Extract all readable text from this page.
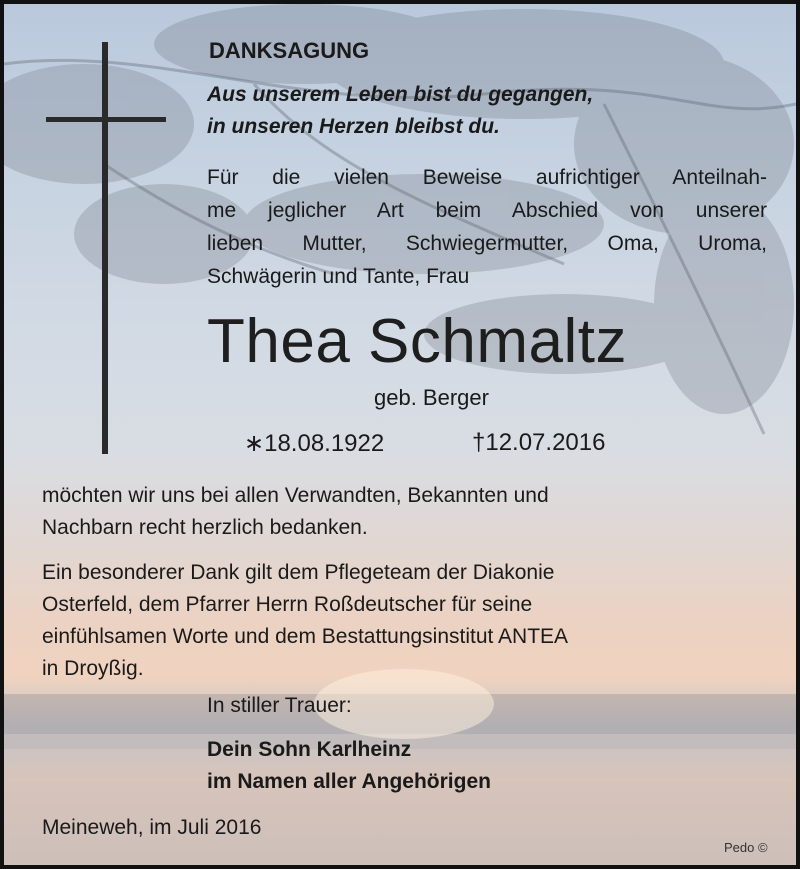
DANKSAGUNG

Aus unserem Leben bist du gegangen,

in unseren Herzen bleibst du.

Für die vielen Beweise aufrichtiger Anteilnah-
me jeglicher Art beim Abschied von unserer
lieben Mutter, Schwiegermutter, Oma, Uroma,
Schwägerin und Tante, Frau

Thea Schmaltz

geb. Berger

∗18.08.1922	†12.07.2016

möchten wir uns bei allen Verwandten, Bekannten und

Nachbarn recht herzlich bedanken.

Ein besonderer Dank gilt dem Pflegeteam der Diakonie

Osterfeld, dem Pfarrer Herrn Roßdeutscher für seine

einfühlsamen Worte und dem Bestattungsinstitut ANTEA

in Droyßig.

In stiller Trauer:

Dein Sohn Karlheinz

im Namen aller Angehörigen

Meineweh, im Juli 2016

Pedo ©
